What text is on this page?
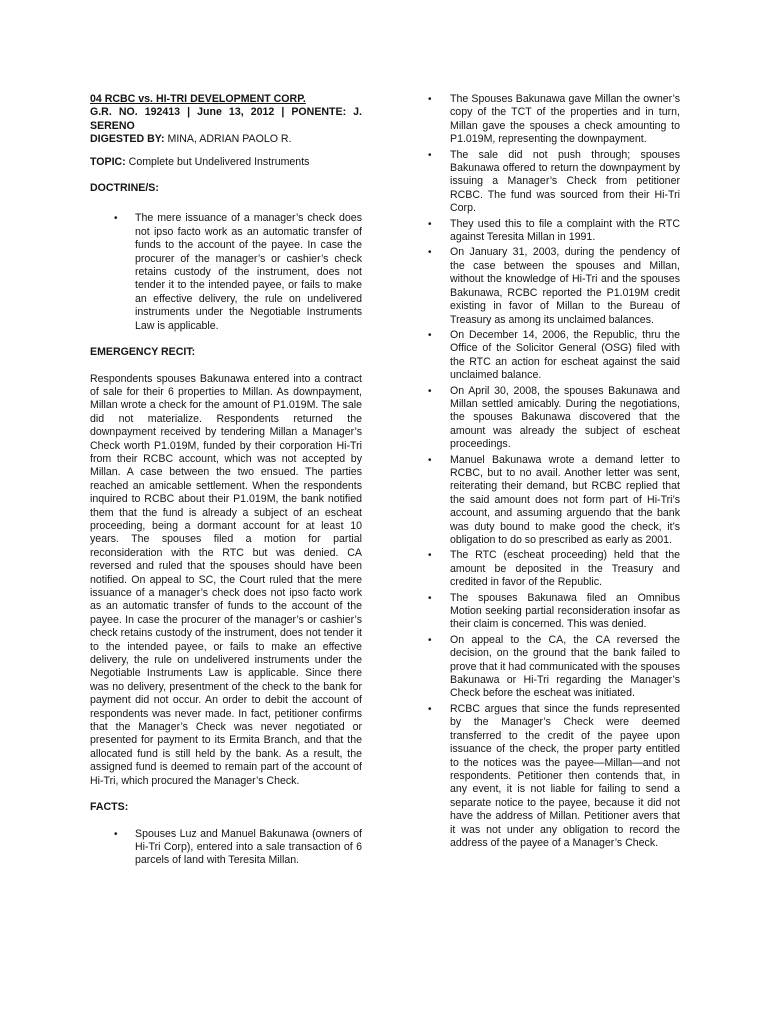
04 RCBC vs. HI-TRI DEVELOPMENT CORP.

G.R. NO. 192413 | June 13, 2012 | PONENTE: J. SERENO

DIGESTED BY: MINA, ADRIAN PAOLO R.

TOPIC: Complete but Undelivered Instruments

DOCTRINE/S:

• The mere issuance of a manager’s check does not ipso facto work as an automatic transfer of funds to the account of the payee. In case the procurer of the manager’s or cashier’s check retains custody of the instrument, does not tender it to the intended payee, or fails to make an effective delivery, the rule on undelivered instruments under the Negotiable Instruments Law is applicable.

EMERGENCY RECIT:

Respondents spouses Bakunawa entered into a contract of sale for their 6 properties to Millan. As downpayment, Millan wrote a check for the amount of P1.019M. The sale did not materialize. Respondents returned the downpayment received by tendering Millan a Manager’s Check worth P1.019M, funded by their corporation Hi-Tri from their RCBC account, which was not accepted by Millan. A case between the two ensued. The parties reached an amicable settlement. When the respondents inquired to RCBC about their P1.019M, the bank notified them that the fund is already a subject of an escheat proceeding, being a dormant account for at least 10 years. The spouses filed a motion for partial reconsideration with the RTC but was denied. CA reversed and ruled that the spouses should have been notified. On appeal to SC, the Court ruled that the mere issuance of a manager’s check does not ipso facto work as an automatic transfer of funds to the account of the payee. In case the procurer of the manager’s or cashier’s check retains custody of the instrument, does not tender it to the intended payee, or fails to make an effective delivery, the rule on undelivered instruments under the Negotiable Instruments Law is applicable. Since there was no delivery, presentment of the check to the bank for payment did not occur. An order to debit the account of respondents was never made. In fact, petitioner confirms that the Manager’s Check was never negotiated or presented for payment to its Ermita Branch, and that the allocated fund is still held by the bank. As a result, the assigned fund is deemed to remain part of the account of Hi-Tri, which procured the Manager’s Check.

FACTS:

• Spouses Luz and Manuel Bakunawa (owners of Hi-Tri Corp), entered into a sale transaction of 6 parcels of land with Teresita Millan.
• The Spouses Bakunawa gave Millan the owner’s copy of the TCT of the properties and in turn, Millan gave the spouses a check amounting to P1.019M, representing the downpayment.
• The sale did not push through; spouses Bakunawa offered to return the downpayment by issuing a Manager’s Check from petitioner RCBC. The fund was sourced from their Hi-Tri Corp.
• They used this to file a complaint with the RTC against Teresita Millan in 1991.
• On January 31, 2003, during the pendency of the case between the spouses and Millan, without the knowledge of Hi-Tri and the spouses Bakunawa, RCBC reported the P1.019M credit existing in favor of Millan to the Bureau of Treasury as among its unclaimed balances.
• On December 14, 2006, the Republic, thru the Office of the Solicitor General (OSG) filed with the RTC an action for escheat against the said unclaimed balance.
• On April 30, 2008, the spouses Bakunawa and Millan settled amicably. During the negotiations, the spouses Bakunawa discovered that the amount was already the subject of escheat proceedings.
• Manuel Bakunawa wrote a demand letter to RCBC, but to no avail. Another letter was sent, reiterating their demand, but RCBC replied that the said amount does not form part of Hi-Tri’s account, and assuming arguendo that the bank was duty bound to make good the check, it’s obligation to do so prescribed as early as 2001.
• The RTC (escheat proceeding) held that the amount be deposited in the Treasury and credited in favor of the Republic.
• The spouses Bakunawa filed an Omnibus Motion seeking partial reconsideration insofar as their claim is concerned. This was denied.
• On appeal to the CA, the CA reversed the decision, on the ground that the bank failed to prove that it had communicated with the spouses Bakunawa or Hi-Tri regarding the Manager’s Check before the escheat was initiated.
• RCBC argues that since the funds represented by the Manager’s Check were deemed transferred to the credit of the payee upon issuance of the check, the proper party entitled to the notices was the payee—Millan—and not respondents. Petitioner then contends that, in any event, it is not liable for failing to send a separate notice to the payee, because it did not have the address of Millan. Petitioner avers that it was not under any obligation to record the address of the payee of a Manager’s Check.
